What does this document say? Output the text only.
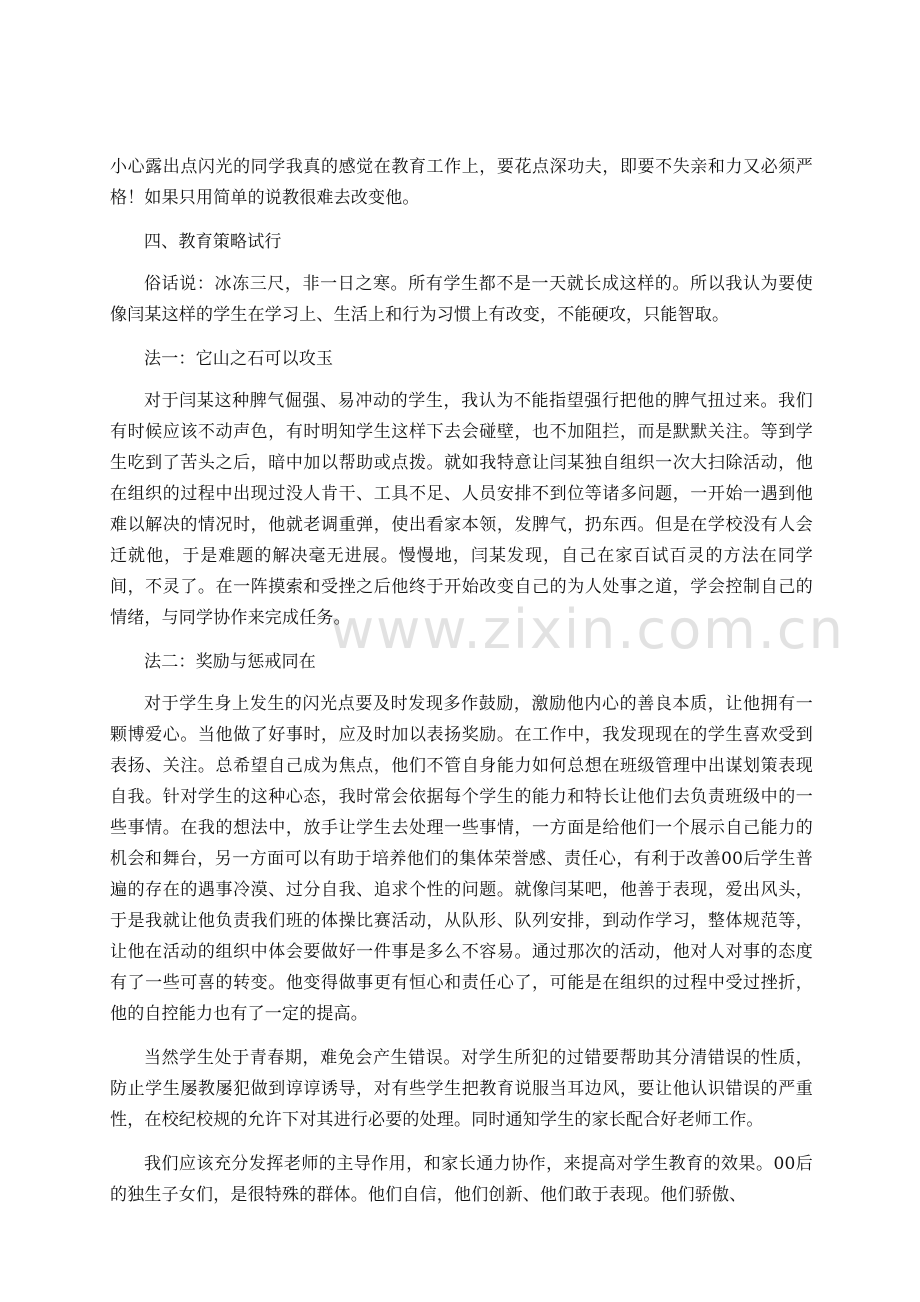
www.zixin.com.cn

小心露出点闪光的同学我真的感觉在教育工作上，要花点深功夫，即要不失亲和力又必须严格！如果只用简单的说教很难去改变他。

四、教育策略试行

俗话说：冰冻三尺，非一日之寒。所有学生都不是一天就长成这样的。所以我认为要使像闫某这样的学生在学习上、生活上和行为习惯上有改变，不能硬攻，只能智取。

法一：它山之石可以攻玉

对于闫某这种脾气倔强、易冲动的学生，我认为不能指望强行把他的脾气扭过来。我们有时候应该不动声色，有时明知学生这样下去会碰壁，也不加阻拦，而是默默关注。等到学生吃到了苦头之后，暗中加以帮助或点拨。就如我特意让闫某独自组织一次大扫除活动，他在组织的过程中出现过没人肯干、工具不足、人员安排不到位等诸多问题，一开始一遇到他难以解决的情况时，他就老调重弹，使出看家本领，发脾气，扔东西。但是在学校没有人会迁就他，于是难题的解决毫无进展。慢慢地，闫某发现，自己在家百试百灵的方法在同学间，不灵了。在一阵摸索和受挫之后他终于开始改变自己的为人处事之道，学会控制自己的情绪，与同学协作来完成任务。

法二：奖励与惩戒同在

对于学生身上发生的闪光点要及时发现多作鼓励，激励他内心的善良本质，让他拥有一颗博爱心。当他做了好事时，应及时加以表扬奖励。在工作中，我发现现在的学生喜欢受到表扬、关注。总希望自己成为焦点，他们不管自身能力如何总想在班级管理中出谋划策表现自我。针对学生的这种心态，我时常会依据每个学生的能力和特长让他们去负责班级中的一些事情。在我的想法中，放手让学生去处理一些事情，一方面是给他们一个展示自己能力的机会和舞台，另一方面可以有助于培养他们的集体荣誉感、责任心，有利于改善00后学生普遍的存在的遇事冷漠、过分自我、追求个性的问题。就像闫某吧，他善于表现，爱出风头，于是我就让他负责我们班的体操比赛活动，从队形、队列安排，到动作学习，整体规范等，让他在活动的组织中体会要做好一件事是多么不容易。通过那次的活动，他对人对事的态度有了一些可喜的转变。他变得做事更有恒心和责任心了，可能是在组织的过程中受过挫折，他的自控能力也有了一定的提高。

当然学生处于青春期，难免会产生错误。对学生所犯的过错要帮助其分清错误的性质，防止学生屡教屡犯做到谆谆诱导，对有些学生把教育说服当耳边风，要让他认识错误的严重性，在校纪校规的允许下对其进行必要的处理。同时通知学生的家长配合好老师工作。

我们应该充分发挥老师的主导作用，和家长通力协作，来提高对学生教育的效果。00后的独生子女们，是很特殊的群体。他们自信，他们创新、他们敢于表现。他们骄傲、
